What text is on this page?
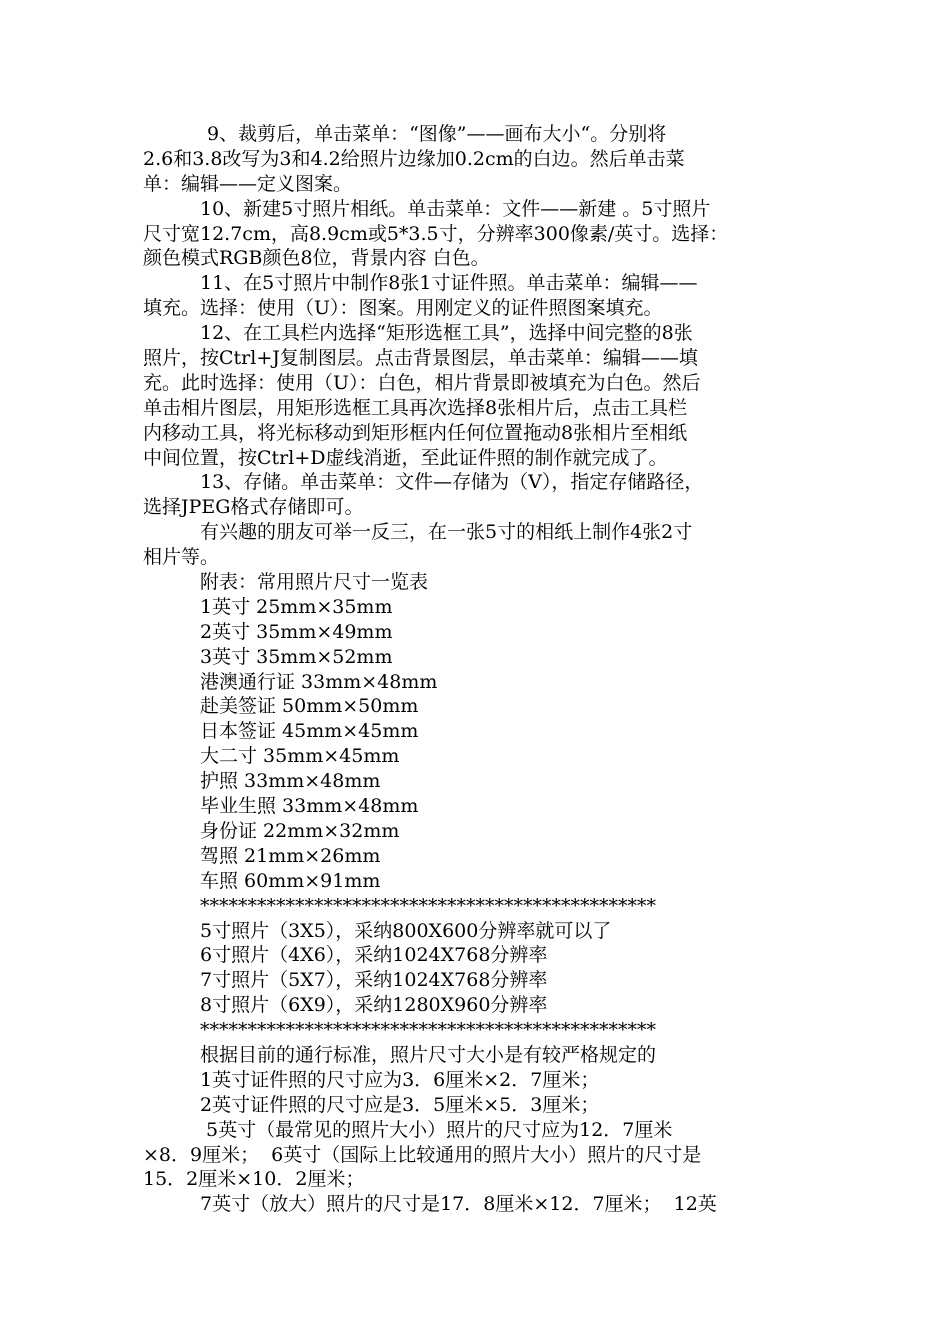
9、裁剪后，单击菜单：“图像”——画布大小“。分别将
2.6和3.8改写为3和4.2给照片边缘加0.2cm的白边。然后单击菜
单：编辑——定义图案。
10、新建5寸照片相纸。单击菜单：文件——新建 。5寸照片
尺寸宽12.7cm，高8.9cm或5*3.5寸，分辨率300像素/英寸。选择：
颜色模式RGB颜色8位，背景内容 白色。
11、在5寸照片中制作8张1寸证件照。单击菜单：编辑——
填充。选择：使用（U）：图案。用刚定义的证件照图案填充。
12、在工具栏内选择“矩形选框工具”，选择中间完整的8张
照片，按Ctrl+J复制图层。点击背景图层，单击菜单：编辑——填
充。此时选择：使用（U）：白色，相片背景即被填充为白色。然后
单击相片图层，用矩形选框工具再次选择8张相片后，点击工具栏
内移动工具，将光标移动到矩形框内任何位置拖动8张相片至相纸
中间位置，按Ctrl+D虚线消逝，至此证件照的制作就完成了。
13、存储。单击菜单：文件—存储为（V），指定存储路径，
选择JPEG格式存储即可。
有兴趣的朋友可举一反三，在一张5寸的相纸上制作4张2寸
相片等。
附表：常用照片尺寸一览表
1英寸 25mm×35mm
2英寸 35mm×49mm
3英寸 35mm×52mm
港澳通行证 33mm×48mm
赴美签证 50mm×50mm
日本签证 45mm×45mm
大二寸 35mm×45mm
护照 33mm×48mm
毕业生照 33mm×48mm
身份证 22mm×32mm
驾照 21mm×26mm
车照 60mm×91mm
************************************************
5寸照片（3X5），采纳800X600分辨率就可以了
6寸照片（4X6），采纳1024X768分辨率
7寸照片（5X7），采纳1024X768分辨率
8寸照片（6X9），采纳1280X960分辨率
************************************************
根据目前的通行标准，照片尺寸大小是有较严格规定的
1英寸证件照的尺寸应为3．6厘米×2．7厘米；
2英寸证件照的尺寸应是3．5厘米×5．3厘米；
5英寸（最常见的照片大小）照片的尺寸应为12．7厘米
×8．9厘米；  6英寸（国际上比较通用的照片大小）照片的尺寸是
15．2厘米×10．2厘米；
7英寸（放大）照片的尺寸是17．8厘米×12．7厘米；  12英
